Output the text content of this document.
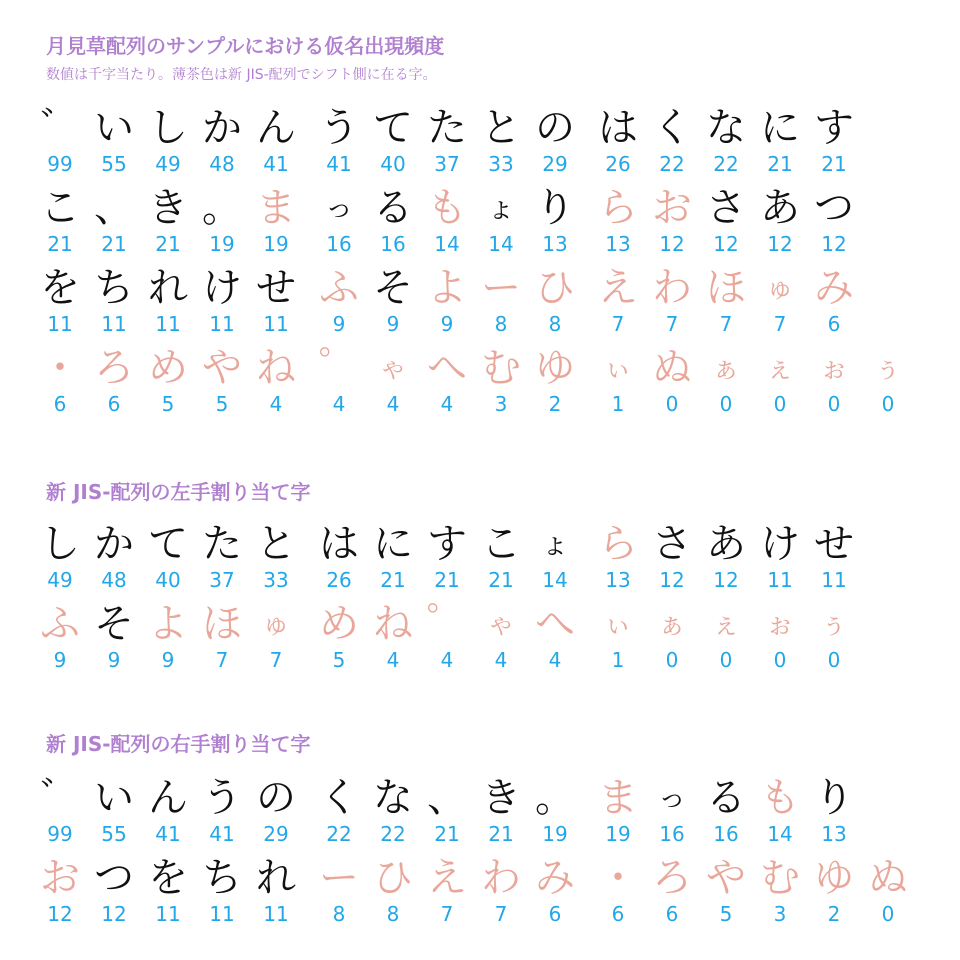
月見草配列のサンプルにおける仮名出現頻度
数値は千字当たり。薄茶色は新 JIS-配列でシフト側に在る字。
新 JIS-配列の左手割り当て字
新 JIS-配列の右手割り当て字
゛
99
い
55
し
49
か
48
ん
41
う
41
て
40
た
37
と
33
の
29
は
26
く
22
な
22
に
21
す
21
こ
21
、
21
き
21
。
19
ま
19
っ
16
る
16
も
14
ょ
14
り
13
ら
13
お
12
さ
12
あ
12
つ
12
を
11
ち
11
れ
11
け
11
せ
11
ふ
9
そ
9
よ
9
ー
8
ひ
8
え
7
わ
7
ほ
7
ゅ
7
み
6
・
6
ろ
6
め
5
や
5
ね
4
゜
4
ゃ
4
へ
4
む
3
ゆ
2
ぃ
1
ぬ
0
ぁ
0
ぇ
0
ぉ
0
ぅ
0
し
49
か
48
て
40
た
37
と
33
は
26
に
21
す
21
こ
21
ょ
14
ら
13
さ
12
あ
12
け
11
せ
11
ふ
9
そ
9
よ
9
ほ
7
ゅ
7
め
5
ね
4
゜
4
ゃ
4
へ
4
ぃ
1
ぁ
0
ぇ
0
ぉ
0
ぅ
0
゛
99
い
55
ん
41
う
41
の
29
く
22
な
22
、
21
き
21
。
19
ま
19
っ
16
る
16
も
14
り
13
お
12
つ
12
を
11
ち
11
れ
11
ー
8
ひ
8
え
7
わ
7
み
6
・
6
ろ
6
や
5
む
3
ゆ
2
ぬ
0
